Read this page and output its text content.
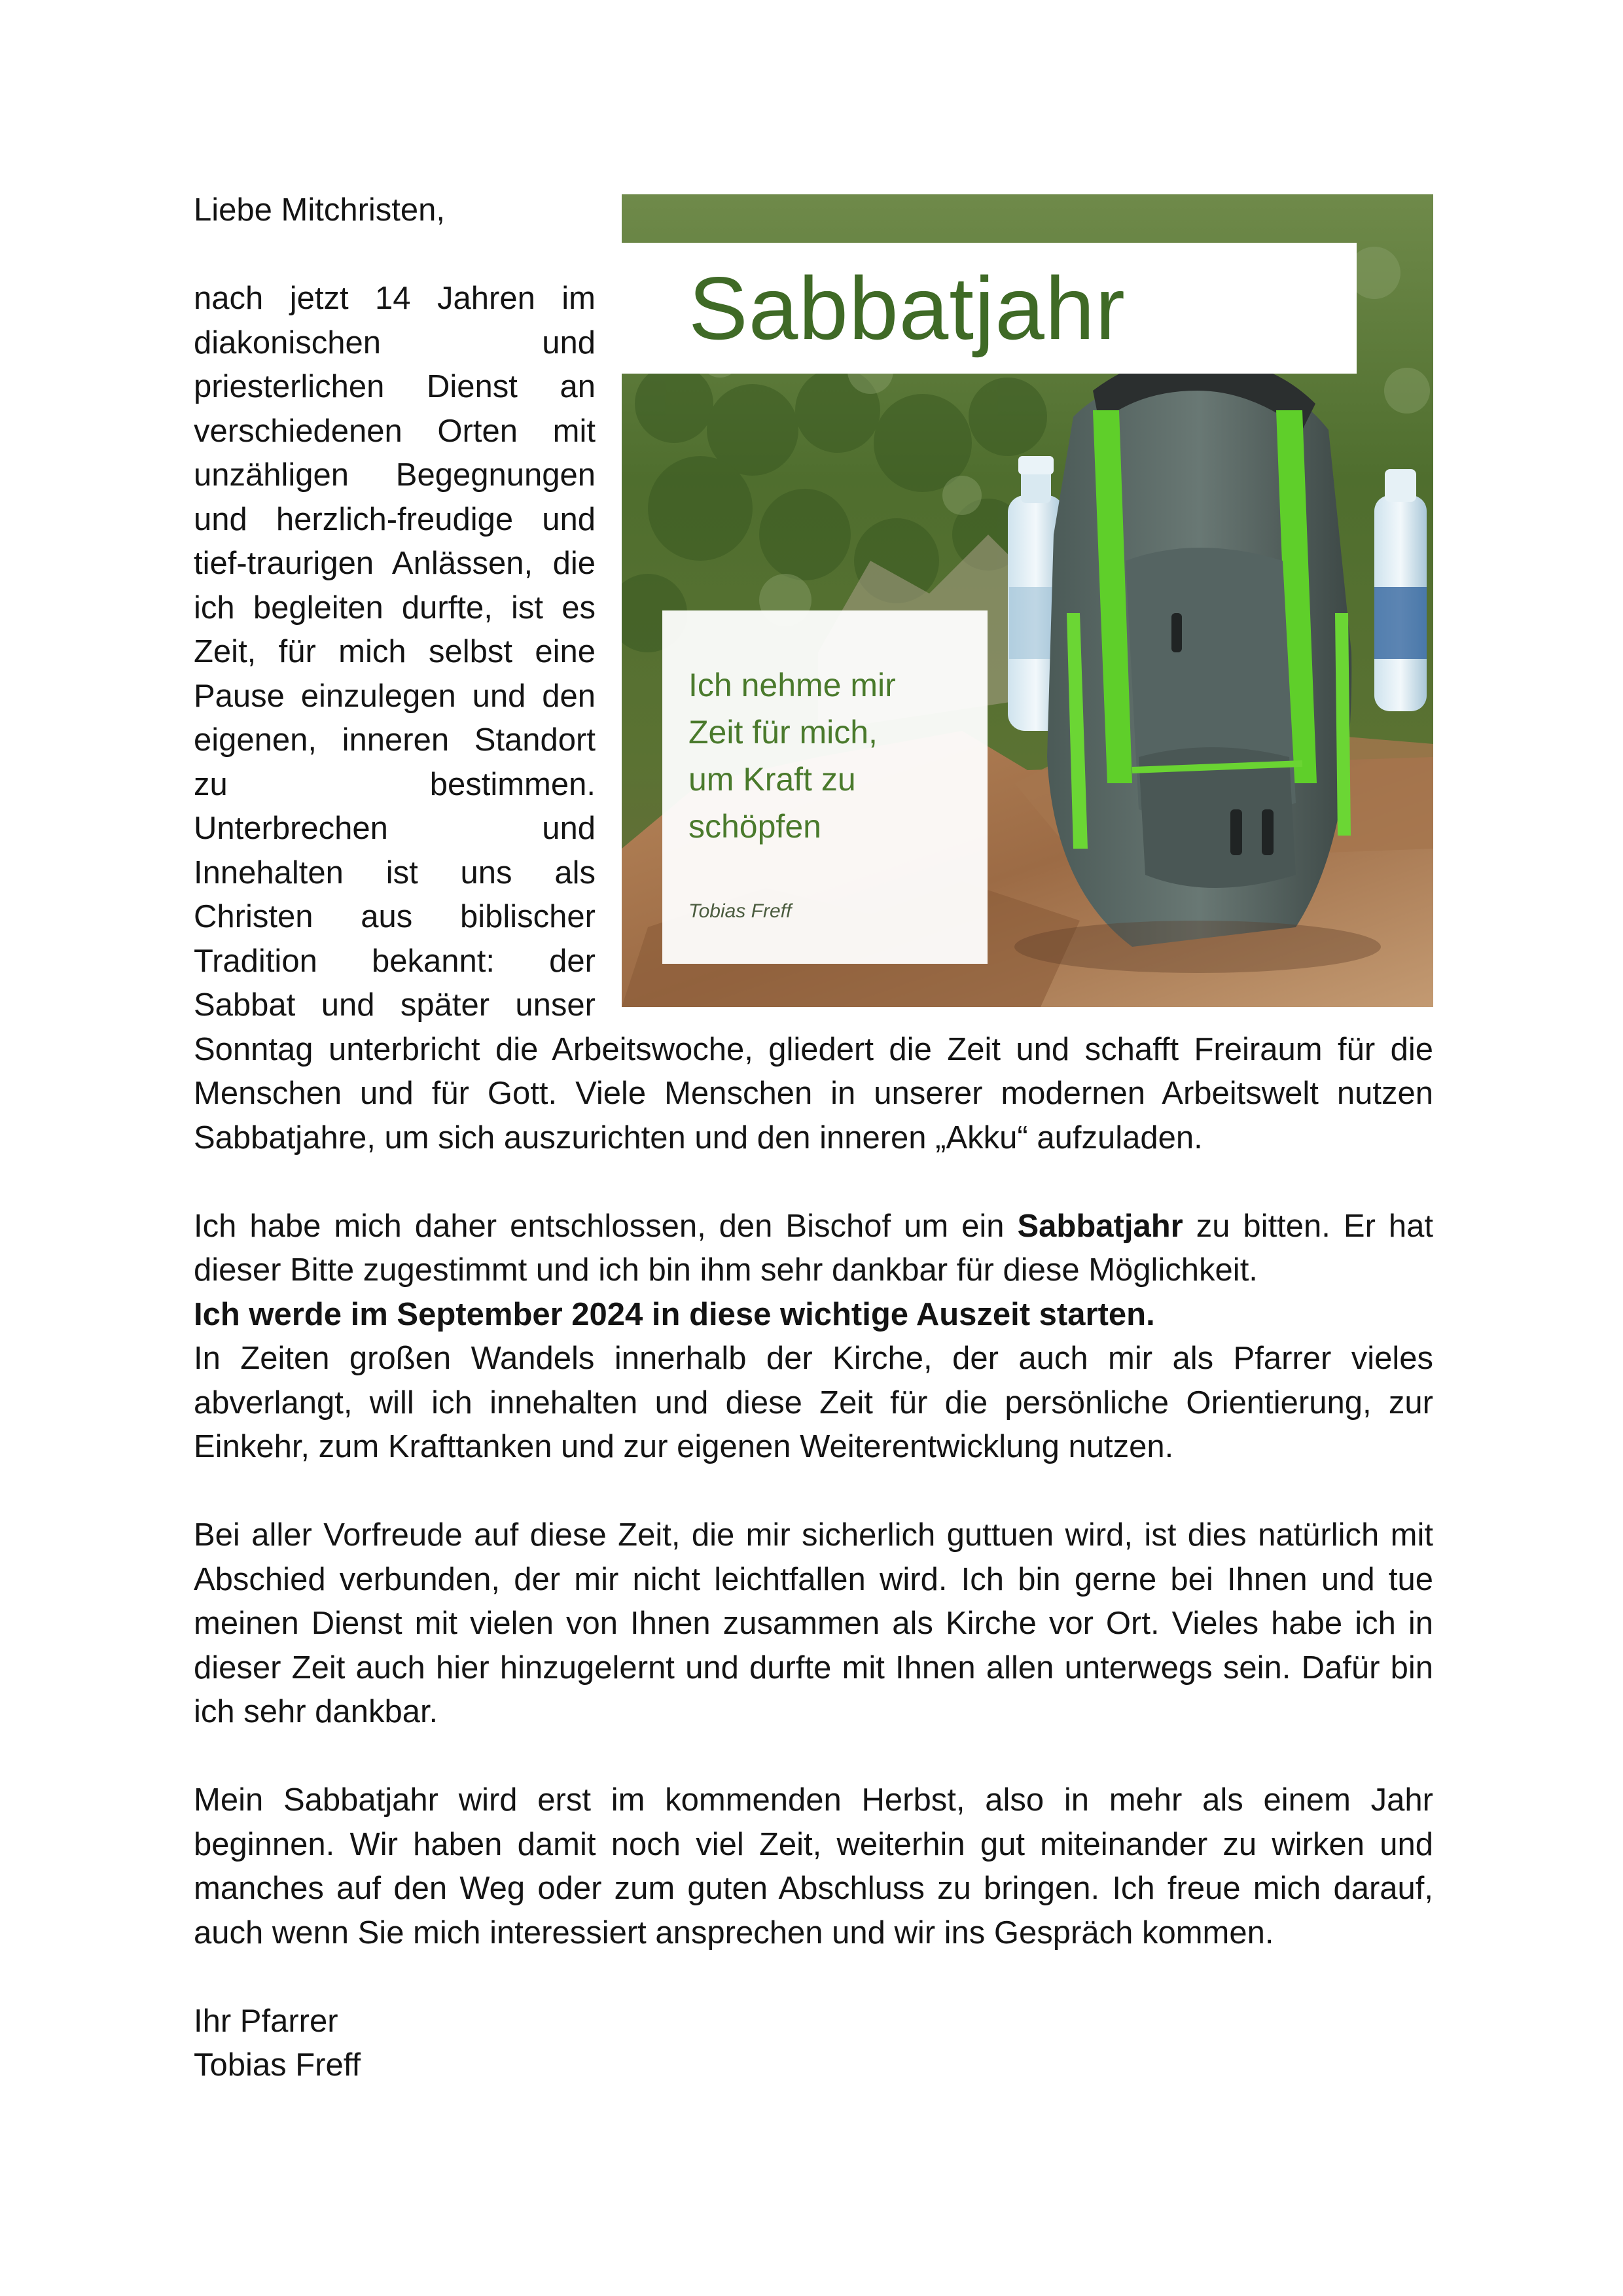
Sabbatjahr
Ich nehme mir
Zeit für mich,
um Kraft zu
schöpfen
Tobias Freff

Liebe Mitchristen,

nach jetzt 14 Jahren im diakonischen und priesterlichen Dienst an verschiedenen Orten mit unzähligen Begegnungen und herzlich-freudige und tief-traurigen Anlässen, die ich begleiten durfte, ist es Zeit, für mich selbst eine Pause einzulegen und den eigenen, inneren Standort zu bestimmen. Unterbrechen und Innehalten ist uns als Christen aus biblischer Tradition bekannt: der Sabbat und später unser Sonntag unterbricht die Arbeitswoche, gliedert die Zeit und schafft Freiraum für die Menschen und für Gott. Viele Menschen in unserer modernen Arbeitswelt nutzen Sabbatjahre, um sich auszurichten und den inneren „Akku“ aufzuladen.

Ich habe mich daher entschlossen, den Bischof um ein Sabbatjahr zu bitten. Er hat dieser Bitte zugestimmt und ich bin ihm sehr dankbar für diese Möglichkeit.

Ich werde im September 2024 in diese wichtige Auszeit starten.

In Zeiten großen Wandels innerhalb der Kirche, der auch mir als Pfarrer vieles abverlangt, will ich innehalten und diese Zeit für die persönliche Orientierung, zur Einkehr, zum Krafttanken und zur eigenen Weiterentwicklung nutzen.

Bei aller Vorfreude auf diese Zeit, die mir sicherlich guttuen wird, ist dies natürlich mit Abschied verbunden, der mir nicht leichtfallen wird. Ich bin gerne bei Ihnen und tue meinen Dienst mit vielen von Ihnen zusammen als Kirche vor Ort. Vieles habe ich in dieser Zeit auch hier hinzugelernt und durfte mit Ihnen allen unterwegs sein. Dafür bin ich sehr dankbar.

Mein Sabbatjahr wird erst im kommenden Herbst, also in mehr als einem Jahr beginnen. Wir haben damit noch viel Zeit, weiterhin gut miteinander zu wirken und manches auf den Weg oder zum guten Abschluss zu bringen. Ich freue mich darauf, auch wenn Sie mich interessiert ansprechen und wir ins Gespräch kommen.

Ihr Pfarrer

Tobias Freff
